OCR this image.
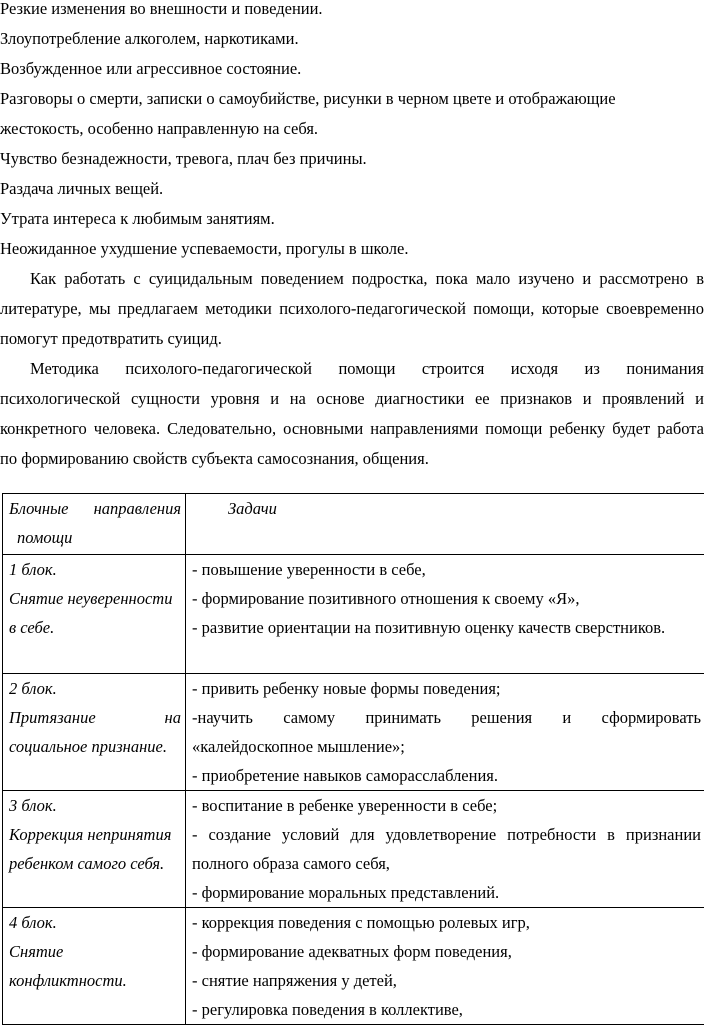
Резкие изменения во внешности и поведении.
Злоупотребление алкоголем, наркотиками.
Возбужденное или агрессивное состояние.
Разговоры о смерти, записки о самоубийстве, рисунки в черном цвете и отображающие
жестокость, особенно направленную на себя.
Чувство безнадежности, тревога, плач без причины.
Раздача личных вещей.
Утрата интереса к любимым занятиям.
Неожиданное ухудшение успеваемости, прогулы в школе.
Как работать с суицидальным поведением подростка, пока мало изучено и рассмотрено в
литературе, мы предлагаем методики психолого-педагогической помощи, которые своевременно
помогут предотвратить суицид.
Методика психолого-педагогической помощи строится исходя из понимания
психологической сущности уровня и на основе диагностики ее признаков и проявлений и
конкретного человека. Следовательно, основными направлениями помощи ребенку будет работа
по формированию свойств субъекта самосознания, общения.
Блочные направления
помощи	Задачи

1 блок.
Снятие неуверенности
в себе.	- повышение уверенности в себе,
- формирование позитивного отношения к своему «Я»,
- развитие ориентации на позитивную оценку качеств сверстников.

2 блок.
Притязание на
социальное признание.	- привить ребенку новые формы поведения;
-научить самому принимать решения и сформировать
«калейдоскопное мышление»;
- приобретение навыков саморасслабления.

3 блок.
Коррекция непринятия
ребенком самого себя.	- воспитание в ребенке уверенности в себе;
- создание условий для удовлетворение потребности в признании
полного образа самого себя,
- формирование моральных представлений.

4 блок.
Снятие
конфликтности.	- коррекция поведения с помощью ролевых игр,
- формирование адекватных форм поведения,
- снятие напряжения у детей,
- регулировка поведения в коллективе,
